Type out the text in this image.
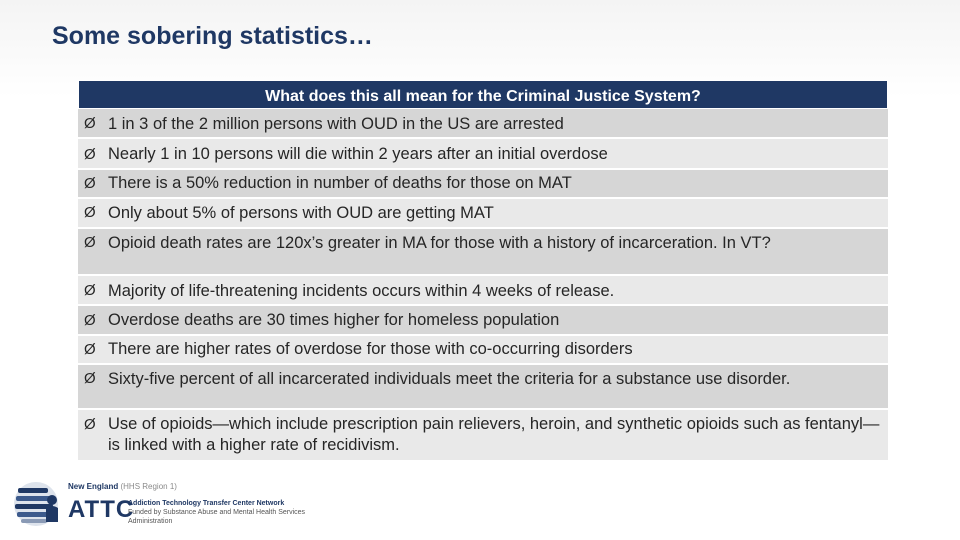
Some sobering statistics…
What does this all mean for the Criminal Justice System?
Ø 1 in 3 of the 2 million persons with OUD in the US are arrested
Ø Nearly 1 in 10 persons will die within 2 years after an initial overdose
Ø There is a 50% reduction in number of deaths for those on MAT
Ø Only about 5% of persons with OUD are getting MAT
Ø Opioid death rates are 120x’s greater in MA for those with a history of incarceration. In VT?
Ø Majority of life-threatening incidents occurs within 4 weeks of release.
Ø Overdose deaths are 30 times higher for homeless population
Ø There are higher rates of overdose for those with co-occurring disorders
Ø Sixty-five percent of all incarcerated individuals meet the criteria for a substance use disorder.
Ø Use of opioids—which include prescription pain relievers, heroin, and synthetic opioids such as fentanyl—is linked with a higher rate of recidivism.
New England (HHS Region 1)
ATTC
Addiction Technology Transfer Center Network
Funded by Substance Abuse and Mental Health Services Administration
